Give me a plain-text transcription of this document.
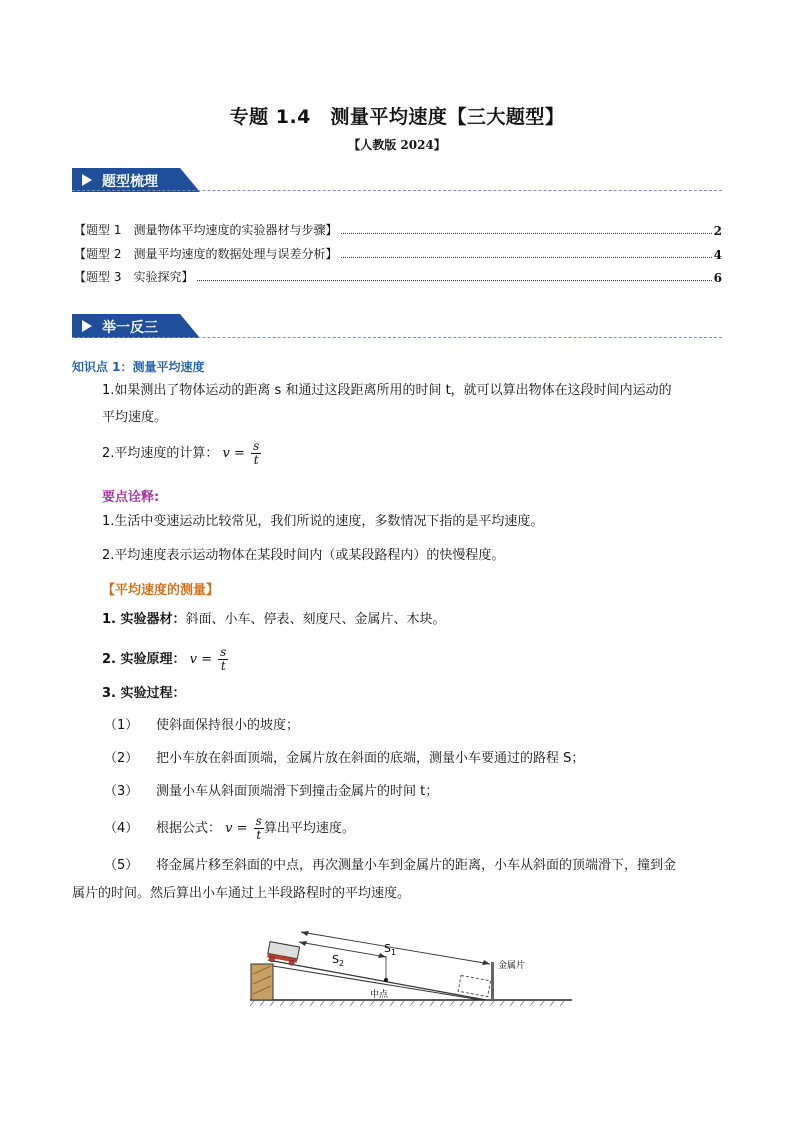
专题 1.4　测量平均速度【三大题型】
【人教版 2024】
题型梳理
【题型 1　测量物体平均速度的实验器材与步骤】	2
【题型 2　测量平均速度的数据处理与误差分析】	4
【题型 3　实验探究】	6
举一反三
知识点 1：测量平均速度
1.如果测出了物体运动的距离 s 和通过这段距离所用的时间 t，就可以算出物体在这段时间内运动的
平均速度。
2.平均速度的计算： $v = \frac{s}{t}$
要点诠释:
1.生活中变速运动比较常见，我们所说的速度，多数情况下指的是平均速度。
2.平均速度表示运动物体在某段时间内（或某段路程内）的快慢程度。
【平均速度的测量】
1. 实验器材：斜面、小车、停表、刻度尺、金属片、木块。
2. 实验原理： $v = \frac{s}{t}$
3. 实验过程：
（1） 使斜面保持很小的坡度；
（2） 把小车放在斜面顶端，金属片放在斜面的底端，测量小车要通过的路程 S；
（3） 测量小车从斜面顶端滑下到撞击金属片的时间 t；
（4） 根据公式： $v = \frac{s}{t}$ 算出平均速度。
（5） 将金属片移至斜面的中点，再次测量小车到金属片的距离，小车从斜面的顶端滑下，撞到金
属片的时间。然后算出小车通过上半段路程时的平均速度。
$S_1$
$S_2$	金属片
中点
